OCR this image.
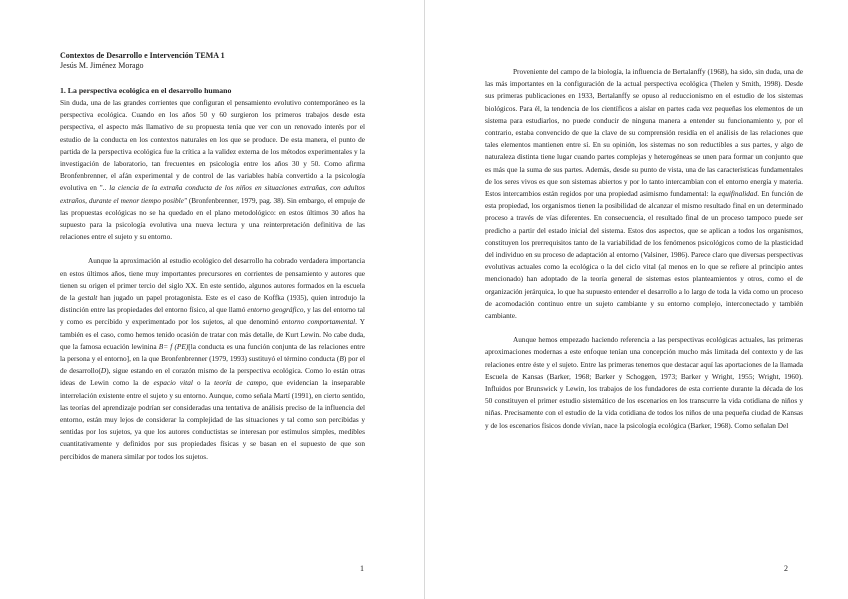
Contextos de Desarrollo e Intervención TEMA 1
Jesús M. Jiménez Morago

1. La perspectiva ecológica en el desarrollo humano

Sin duda, una de las grandes corrientes que configuran el pensamiento evolutivo contemporáneo es la perspectiva ecológica. Cuando en los años 50 y 60 surgieron los primeros trabajos desde esta perspectiva, el aspecto más llamativo de su propuesta tenía que ver con un renovado interés por el estudio de la conducta en los contextos naturales en los que se produce. De esta manera, el punto de partida de la perspectiva ecológica fue la crítica a la validez externa de los métodos experimentales y la investigación de laboratorio, tan frecuentes en psicología entre los años 30 y 50. Como afirma Bronfenbrenner, el afán experimental y de control de las variables había convertido a la psicología evolutiva en ".. la ciencia de la extraña conducta de los niños en situaciones extrañas, con adultos extraños, durante el menor tiempo posible" (Bronfenbrenner, 1979, pag. 38). Sin embargo, el empuje de las propuestas ecológicas no se ha quedado en el plano metodológico: en estos últimos 30 años ha supuesto para la psicología evolutiva una nueva lectura y una reinterpretación definitiva de las relaciones entre el sujeto y su entorno.

Aunque la aproximación al estudio ecológico del desarrollo ha cobrado verdadera importancia en estos últimos años, tiene muy importantes precursores en corrientes de pensamiento y autores que tienen su origen el primer tercio del siglo XX. En este sentido, algunos autores formados en la escuela de la gestalt han jugado un papel protagonista. Este es el caso de Koffka (1935), quien introdujo la distinción entre las propiedades del entorno físico, al que llamó entorno geográfico, y las del entorno tal y como es percibido y experimentado por los sujetos, al que denominó entorno comportamental. Y también es el caso, como hemos tenido ocasión de tratar con más detalle, de Kurt Lewin. No cabe duda, que la famosa ecuación lewinina B= f (PE)[la conducta es una función conjunta de las relaciones entre la persona y el entorno], en la que Bronfenbrenner (1979, 1993) sustituyó el término conducta (B) por el de desarrollo(D), sigue estando en el corazón mismo de la perspectiva ecológica. Como lo están otras ideas de Lewin como la de espacio vital o la teoría de campo, que evidencian la inseparable interrelación existente entre el sujeto y su entorno. Aunque, como señala Martí (1991), en cierto sentido, las teorías del aprendizaje podrían ser consideradas una tentativa de análisis preciso de la influencia del entorno, están muy lejos de considerar la complejidad de las situaciones y tal como son percibidas y sentidas por los sujetos, ya que los autores conductistas se interesan por estímulos simples, medibles cuantitativamente y definidos por sus propiedades físicas y se basan en el supuesto de que son percibidos de manera similar por todos los sujetos.

1

Proveniente del campo de la biología, la influencia de Bertalanffy (1968), ha sido, sin duda, una de las más importantes en la configuración de la actual perspectiva ecológica (Thelen y Smith, 1998). Desde sus primeras publicaciones en 1933, Bertalanffy se opuso al reduccionismo en el estudio de los sistemas biológicos. Para él, la tendencia de los científicos a aislar en partes cada vez pequeñas los elementos de un sistema para estudiarlos, no puede conducir de ninguna manera a entender su funcionamiento y, por el contrario, estaba convencido de que la clave de su comprensión residía en el análisis de las relaciones que tales elementos mantienen entre sí. En su opinión, los sistemas no son reductibles a sus partes, y algo de naturaleza distinta tiene lugar cuando partes complejas y heterogéneas se unen para formar un conjunto que es más que la suma de sus partes. Además, desde su punto de vista, una de las características fundamentales de los seres vivos es que son sistemas abiertos y por lo tanto intercambian con el entorno energía y materia. Estos intercambios están regidos por una propiedad asimismo fundamental: la equifinalidad. En función de esta propiedad, los organismos tienen la posibilidad de alcanzar el mismo resultado final en un determinado proceso a través de vías diferentes. En consecuencia, el resultado final de un proceso tampoco puede ser predicho a partir del estado inicial del sistema. Estos dos aspectos, que se aplican a todos los organismos, constituyen los prerrequisitos tanto de la variabilidad de los fenómenos psicológicos como de la plasticidad del individuo en su proceso de adaptación al entorno (Valsiner, 1986). Parece claro que diversas perspectivas evolutivas actuales como la ecológica o la del ciclo vital (al menos en lo que se refiere al principio antes mencionado) han adoptado de la teoría general de sistemas estos planteamientos y otros, como el de organización jerárquica, lo que ha supuesto entender el desarrollo a lo largo de toda la vida como un proceso de acomodación continuo entre un sujeto cambiante y su entorno complejo, interconectado y también cambiante.

Aunque hemos empezado haciendo referencia a las perspectivas ecológicas actuales, las primeras aproximaciones modernas a este enfoque tenían una concepción mucho más limitada del contexto y de las relaciones entre éste y el sujeto. Entre las primeras tenemos que destacar aquí las aportaciones de la llamada Escuela de Kansas (Barker, 1968; Barker y Schoggen, 1973; Barker y Wright, 1955; Wright, 1960). Influidos por Brunswick y Lewin, los trabajos de los fundadores de esta corriente durante la década de los 50 constituyen el primer estudio sistemático de los escenarios en los transcurre la vida cotidiana de niños y niñas. Precisamente con el estudio de la vida cotidiana de todos los niños de una pequeña ciudad de Kansas y de los escenarios físicos donde vivían, nace la psicología ecológica (Barker, 1968). Como señalan Del

2
